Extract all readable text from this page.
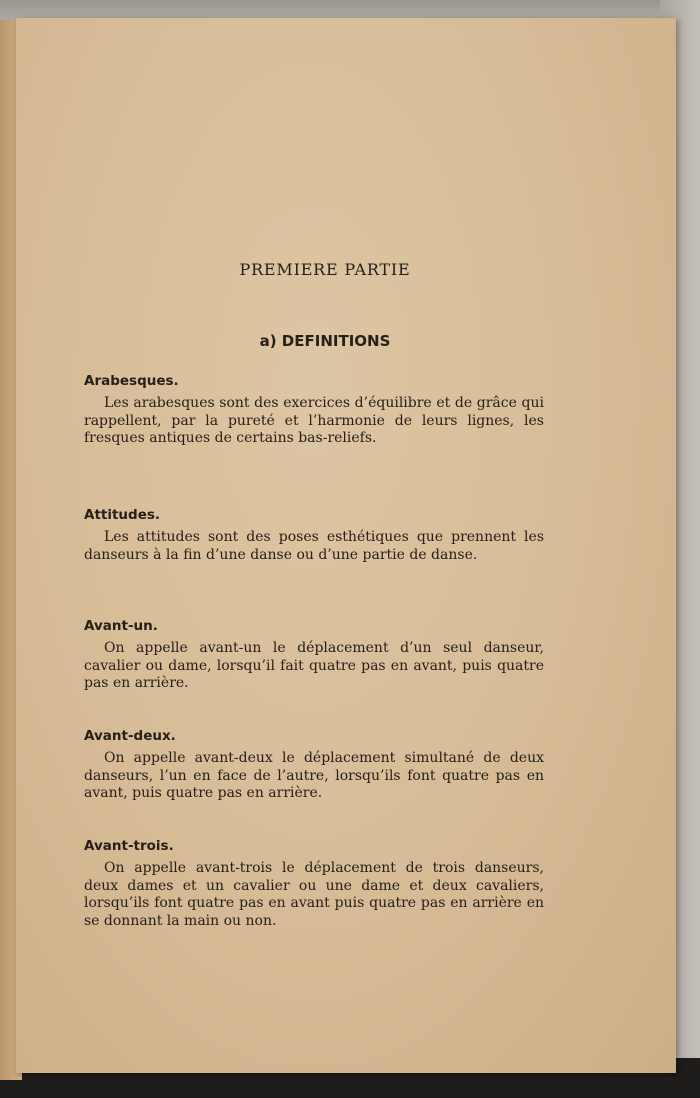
PREMIERE PARTIE
a) DEFINITIONS
Arabesques.

Les arabesques sont des exercices d’équilibre et de grâce qui rappellent, par la pureté et l’harmonie de leurs lignes, les fresques antiques de certains bas-reliefs.

Attitudes.

Les attitudes sont des poses esthétiques que prennent les danseurs à la fin d’une danse ou d’une partie de danse.

Avant-un.

On appelle avant-un le déplacement d’un seul danseur, cavalier ou dame, lorsqu’il fait quatre pas en avant, puis quatre pas en arrière.

Avant-deux.

On appelle avant-deux le déplacement simultané de deux danseurs, l’un en face de l’autre, lorsqu’ils font quatre pas en avant, puis quatre pas en arrière.

Avant-trois.

On appelle avant-trois le déplacement de trois danseurs, deux dames et un cavalier ou une dame et deux cavaliers, lorsqu’ils font quatre pas en avant puis quatre pas en arrière en se donnant la main ou non.
